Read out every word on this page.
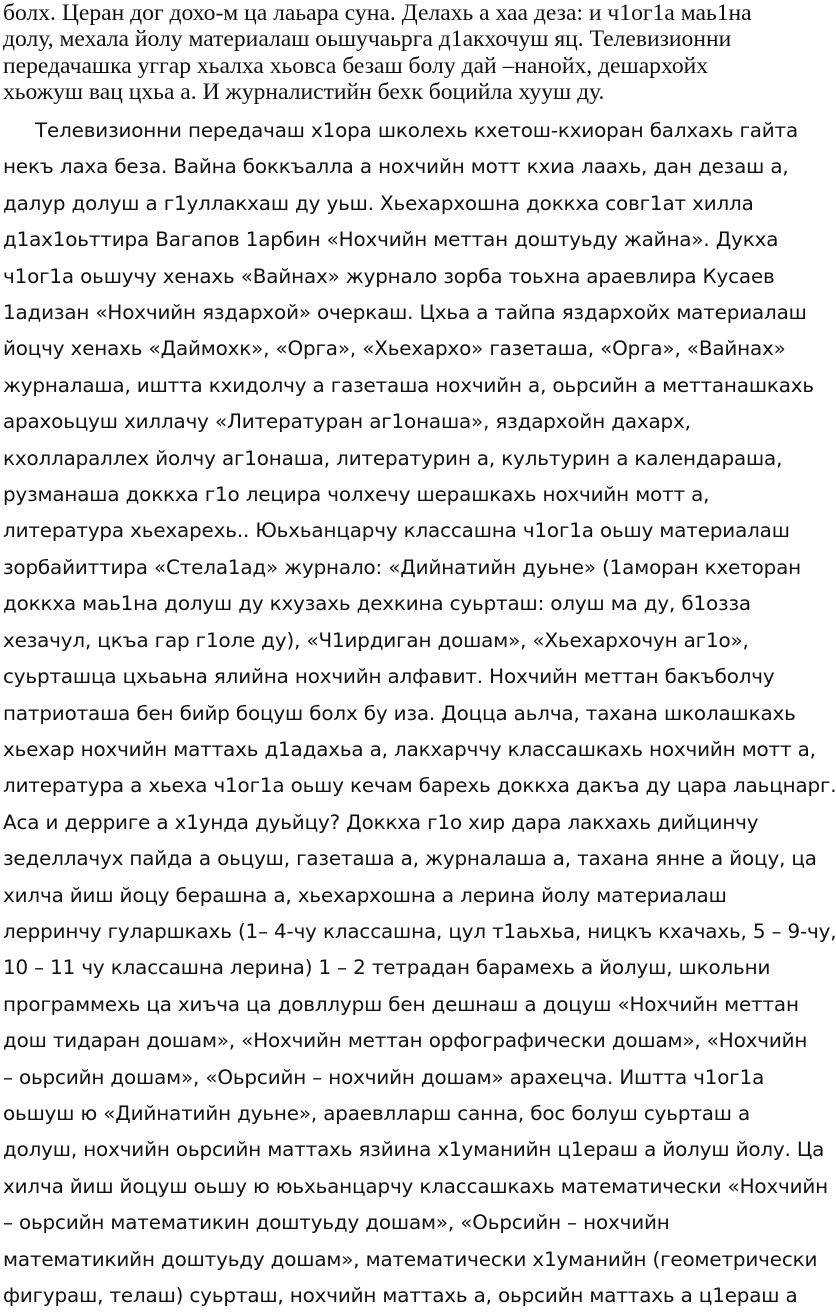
болх. Церан дог дохо-м ца лаьара суна. Делахь а хаа деза: и ч1ог1а маь1на
долу, мехала йолу материалаш оьшучаьрга д1акхочуш яц. Телевизионни
передачашка уггар хьалха хьовса безаш болу дай –нанойх, дешархойх
хьожуш вац цхьа а. И журналистийн бехк боцийла хууш ду.
Телевизионни передачаш х1ора школехь кхетош-кхиоран балхахь гайта
некъ лаха беза. Вайна боккъалла а нохчийн мотт кхиа лаахь, дан дезаш а,
далур долуш а г1уллакхаш ду уьш. Хьехархошна доккха совг1ат хилла
д1ах1оьттира Вагапов 1арбин «Нохчийн меттан доштуьду жайна». Дукха
ч1ог1а оьшучу хенахь «Вайнах» журнало зорба тоьхна араевлира Кусаев
1адизан «Нохчийн яздархой» очеркаш. Цхьа а тайпа яздархойх материалаш
йоцчу хенахь «Даймохк», «Орга», «Хьехархо» газеташа, «Орга», «Вайнах»
журналаша, иштта кхидолчу а газеташа нохчийн а, оьрсийн а меттанашкахь
арахоьцуш хиллачу «Литературан аг1онаша», яздархойн дахарх,
кхоллараллех йолчу аг1онаша, литературин а, культурин а календараша,
рузманаша доккха г1о лецира чолхечу шерашкахь нохчийн мотт а,
литература хьехарехь.. Юьхьанцарчу классашна ч1ог1а оьшу материалаш
зорбайиттира «Стела1ад» журнало: «Дийнатийн дуьне» (1аморан кхеторан
доккха маь1на долуш ду кхузахь дехкина суьрташ: олуш ма ду, б1озза
хезачул, цкъа гар г1оле ду), «Ч1ирдиган дошам», «Хьехархочун аг1о»,
суьрташца цхьаьна ялийна нохчийн алфавит. Нохчийн меттан бакъболчу
патриоташа бен бийр боцуш болх бу иза. Доцца аьлча, тахана школашкахь
хьехар нохчийн маттахь д1адахьа а, лакхарччу классашкахь нохчийн мотт а,
литература а хьеха ч1ог1а оьшу кечам барехь доккха дакъа ду цара лаьцнарг.
Аса и дерриге а х1унда дуьйцу? Доккха г1о хир дара лакхахь дийцинчу
зеделлачух пайда а оьцуш, газеташа а, журналаша а, тахана янне а йоцу, ца
хилча йиш йоцу берашна а, хьехархошна а лерина йолу материалаш
лерринчу гуларшкахь (1– 4-чу классашна, цул т1аьхьа, ницкъ кхачахь, 5 – 9-чу,
10 – 11 чу классашна лерина) 1 – 2 тетрадан барамехь а йолуш, школьни
программехь ца хиъча ца довллурш бен дешнаш а доцуш «Нохчийн меттан
дош тидаран дошам», «Нохчийн меттан орфографически дошам», «Нохчийн
– оьрсийн дошам», «Оьрсийн – нохчийн дошам» арахецча. Иштта ч1ог1а
оьшуш ю «Дийнатийн дуьне», араевлларш санна, бос болуш суьрташ а
долуш, нохчийн оьрсийн маттахь язйина х1уманийн ц1ераш а йолуш йолу. Ца
хилча йиш йоцуш оьшу ю юьхьанцарчу классашкахь математически «Нохчийн
– оьрсийн математикин доштуьду дошам», «Оьрсийн – нохчийн
математикийн доштуьду дошам», математически х1уманийн (геометрически
фигураш, телаш) суьрташ, нохчийн маттахь а, оьрсийн маттахь а ц1ераш а
